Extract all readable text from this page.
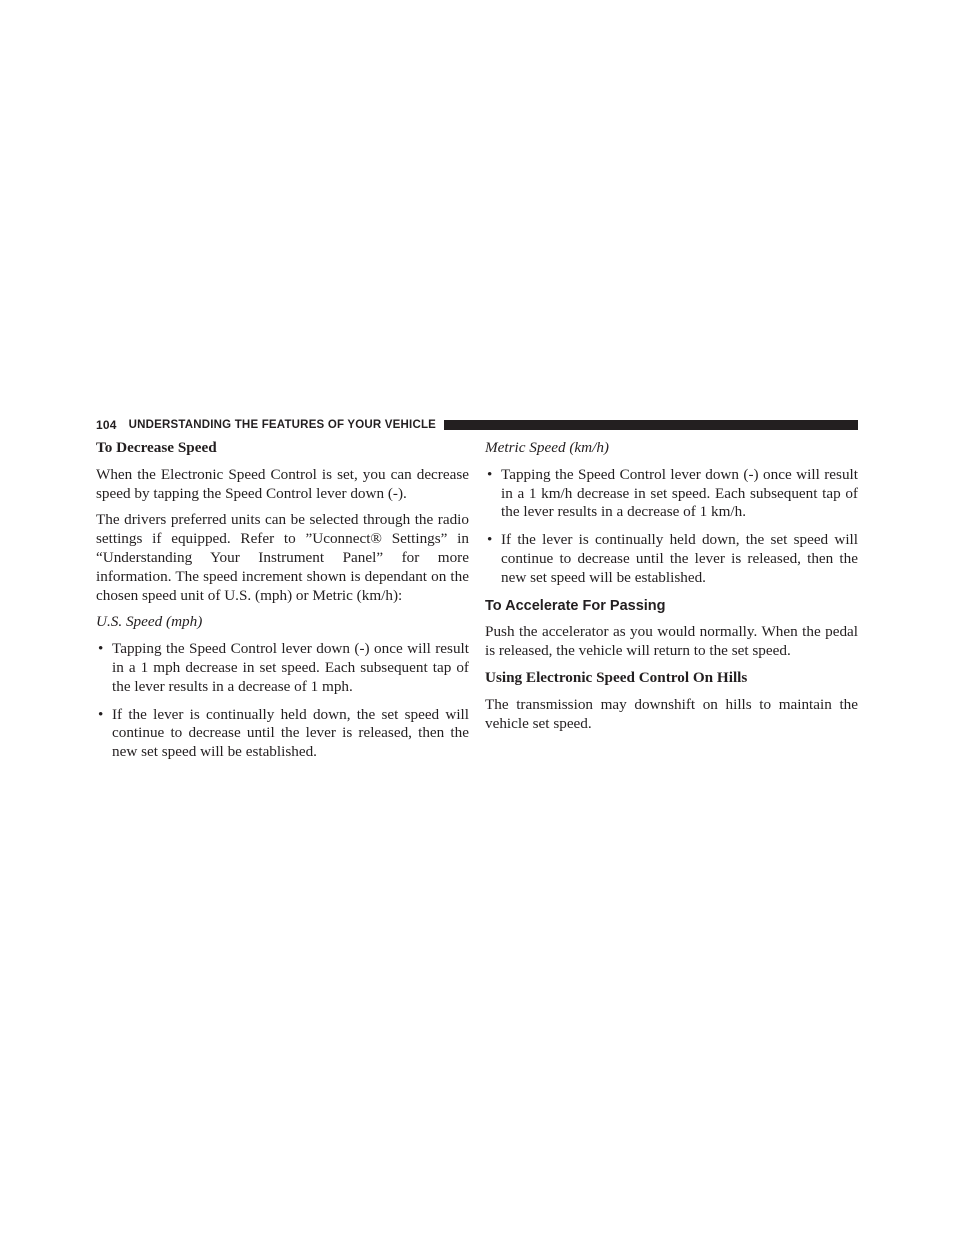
104 UNDERSTANDING THE FEATURES OF YOUR VEHICLE
To Decrease Speed

When the Electronic Speed Control is set, you can decrease speed by tapping the Speed Control lever down (-).

The drivers preferred units can be selected through the radio settings if equipped. Refer to ”Uconnect® Settings” in “Understanding Your Instrument Panel” for more information. The speed increment shown is dependant on the chosen speed unit of U.S. (mph) or Metric (km/h):

U.S. Speed (mph)
• Tapping the Speed Control lever down (-) once will result in a 1 mph decrease in set speed. Each subsequent tap of the lever results in a decrease of 1 mph.
• If the lever is continually held down, the set speed will continue to decrease until the lever is released, then the new set speed will be established.
Metric Speed (km/h)
• Tapping the Speed Control lever down (-) once will result in a 1 km/h decrease in set speed. Each subsequent tap of the lever results in a decrease of 1 km/h.
• If the lever is continually held down, the set speed will continue to decrease until the lever is released, then the new set speed will be established.
To Accelerate For Passing

Push the accelerator as you would normally. When the pedal is released, the vehicle will return to the set speed.

Using Electronic Speed Control On Hills

The transmission may downshift on hills to maintain the vehicle set speed.
